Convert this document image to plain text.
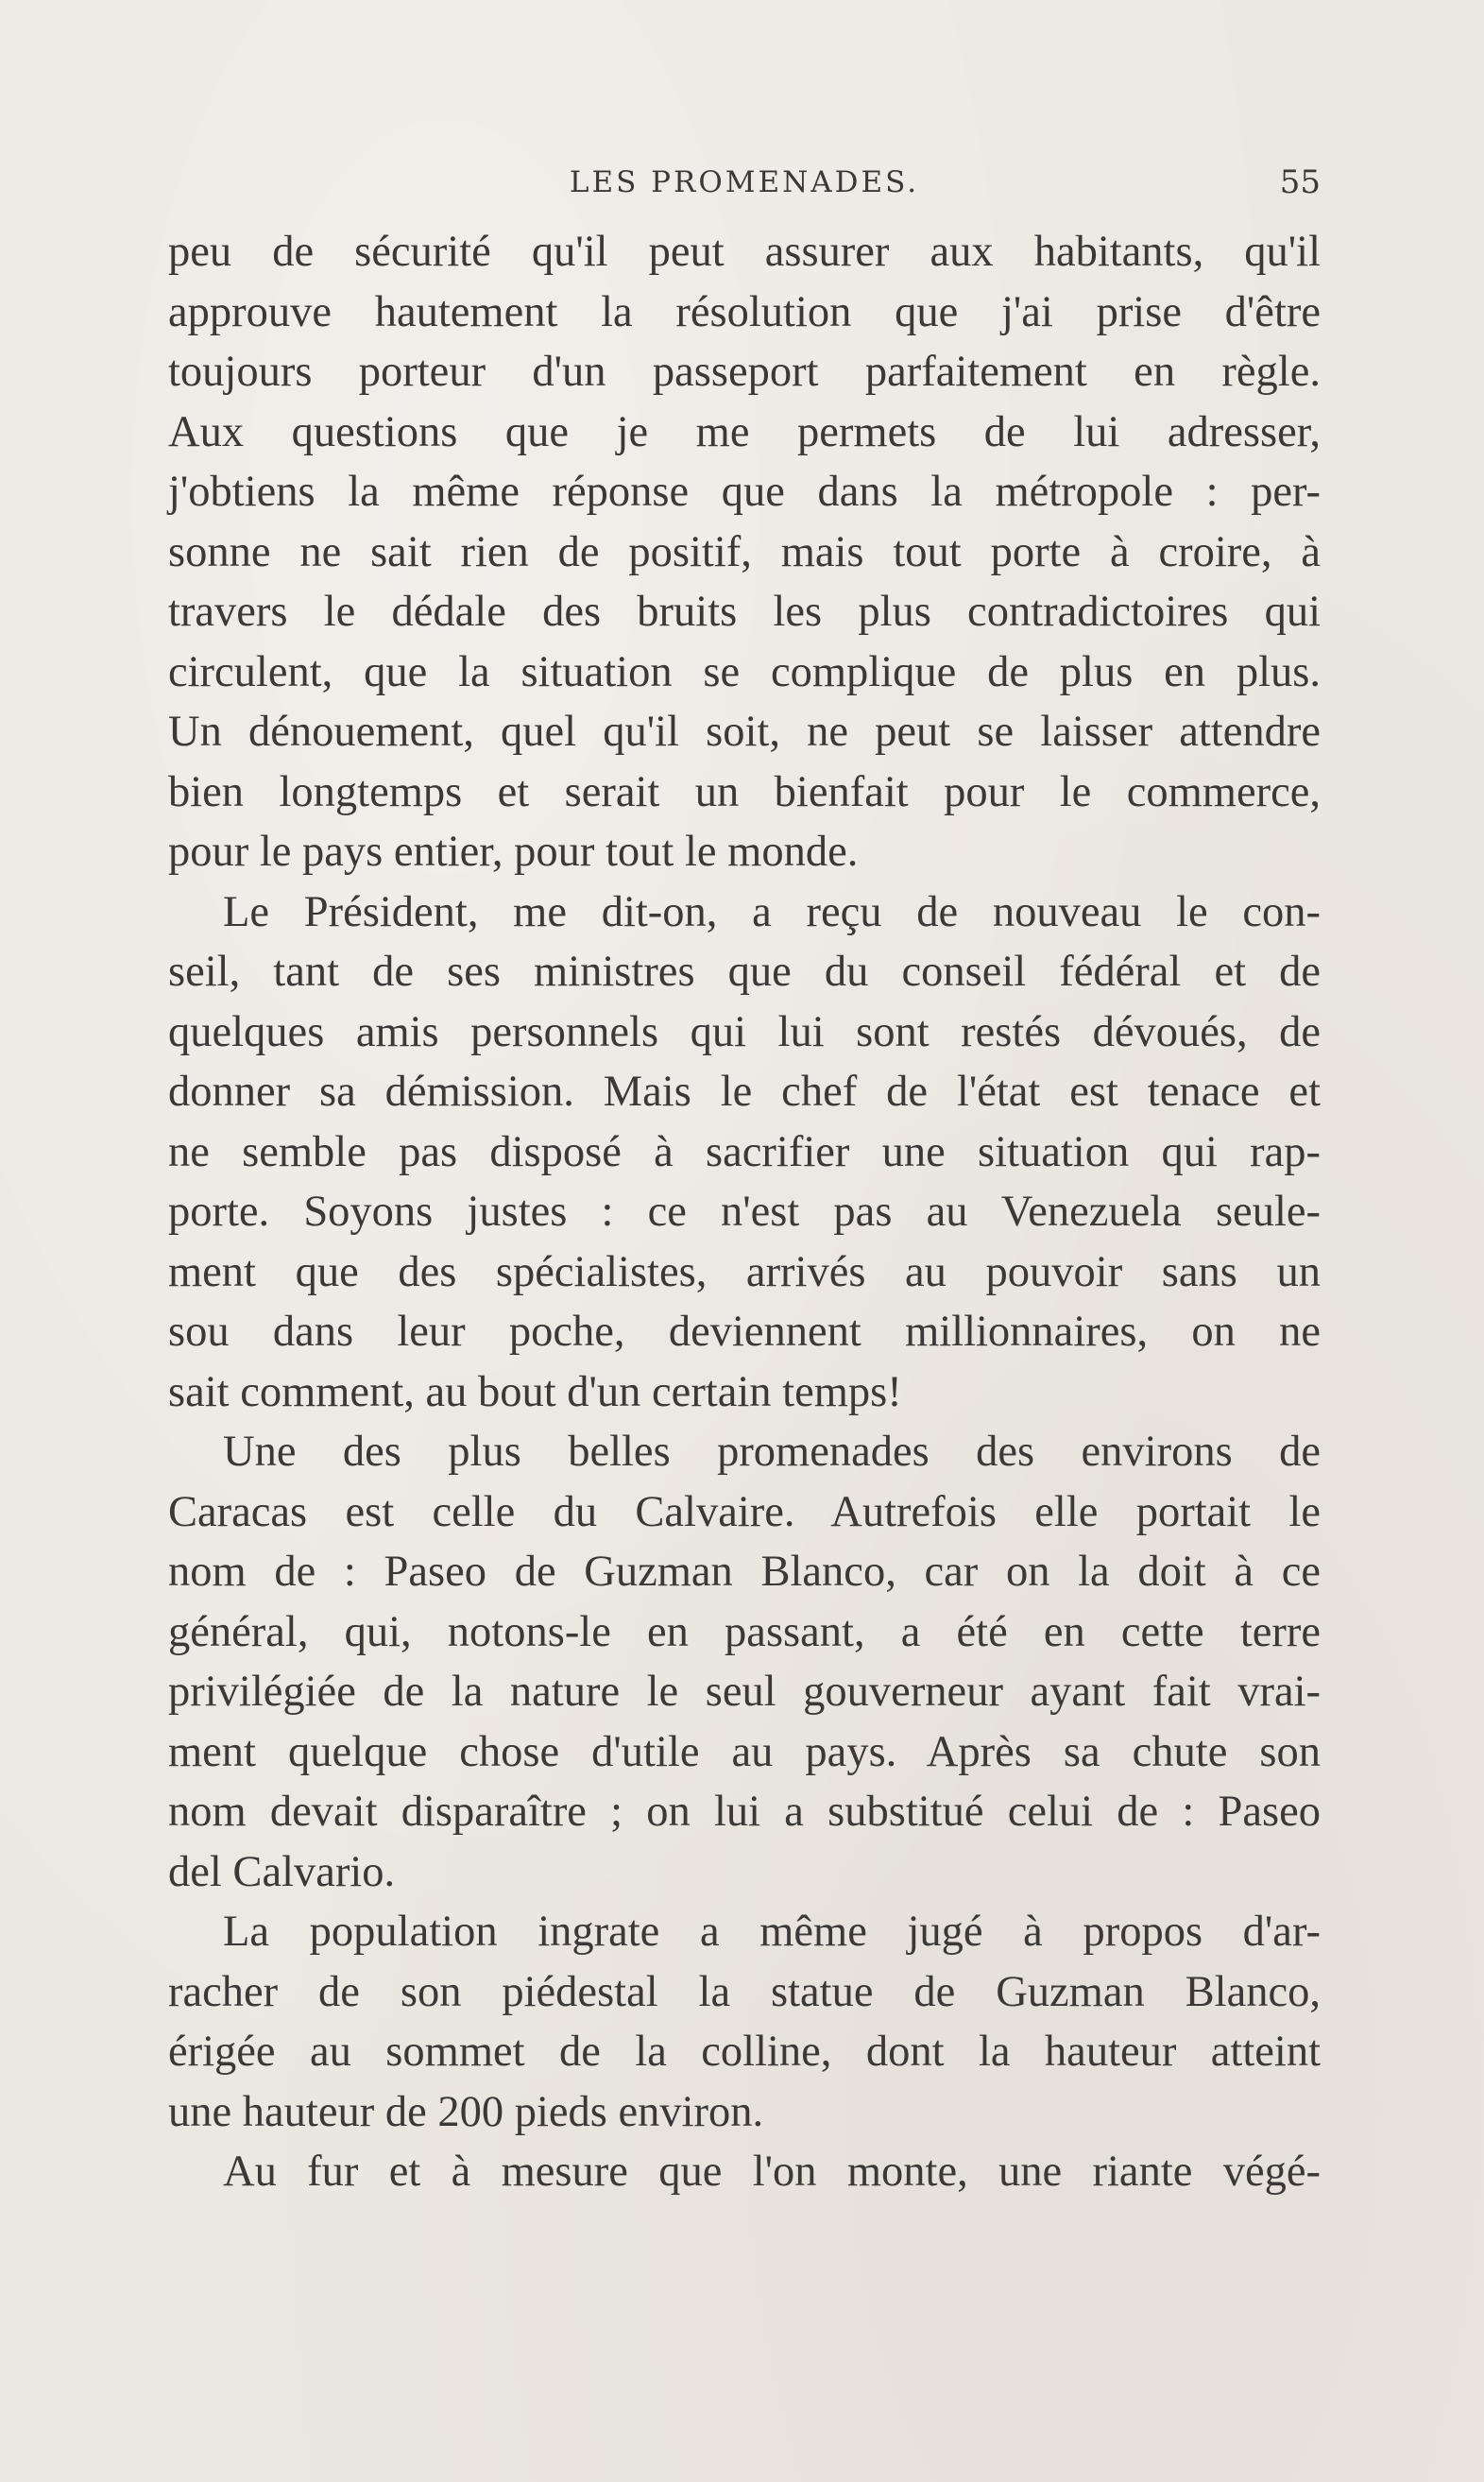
LES PROMENADES.	55

peu de sécurité qu'il peut assurer aux habitants, qu'il
approuve hautement la résolution que j'ai prise d'être
toujours porteur d'un passeport parfaitement en règle.
Aux questions que je me permets de lui adresser,
j'obtiens la même réponse que dans la métropole : per-
sonne ne sait rien de positif, mais tout porte à croire, à
travers le dédale des bruits les plus contradictoires qui
circulent, que la situation se complique de plus en plus.
Un dénouement, quel qu'il soit, ne peut se laisser attendre
bien longtemps et serait un bienfait pour le commerce,
pour le pays entier, pour tout le monde.

Le Président, me dit-on, a reçu de nouveau le con-
seil, tant de ses ministres que du conseil fédéral et de
quelques amis personnels qui lui sont restés dévoués, de
donner sa démission. Mais le chef de l'état est tenace et
ne semble pas disposé à sacrifier une situation qui rap-
porte. Soyons justes : ce n'est pas au Venezuela seule-
ment que des spécialistes, arrivés au pouvoir sans un
sou dans leur poche, deviennent millionnaires, on ne
sait comment, au bout d'un certain temps!

Une des plus belles promenades des environs de
Caracas est celle du Calvaire. Autrefois elle portait le
nom de : Paseo de Guzman Blanco, car on la doit à ce
général, qui, notons-le en passant, a été en cette terre
privilégiée de la nature le seul gouverneur ayant fait vrai-
ment quelque chose d'utile au pays. Après sa chute son
nom devait disparaître ; on lui a substitué celui de : Paseo
del Calvario.

La population ingrate a même jugé à propos d'ar-
racher de son piédestal la statue de Guzman Blanco,
érigée au sommet de la colline, dont la hauteur atteint
une hauteur de 200 pieds environ.

Au fur et à mesure que l'on monte, une riante végé-
